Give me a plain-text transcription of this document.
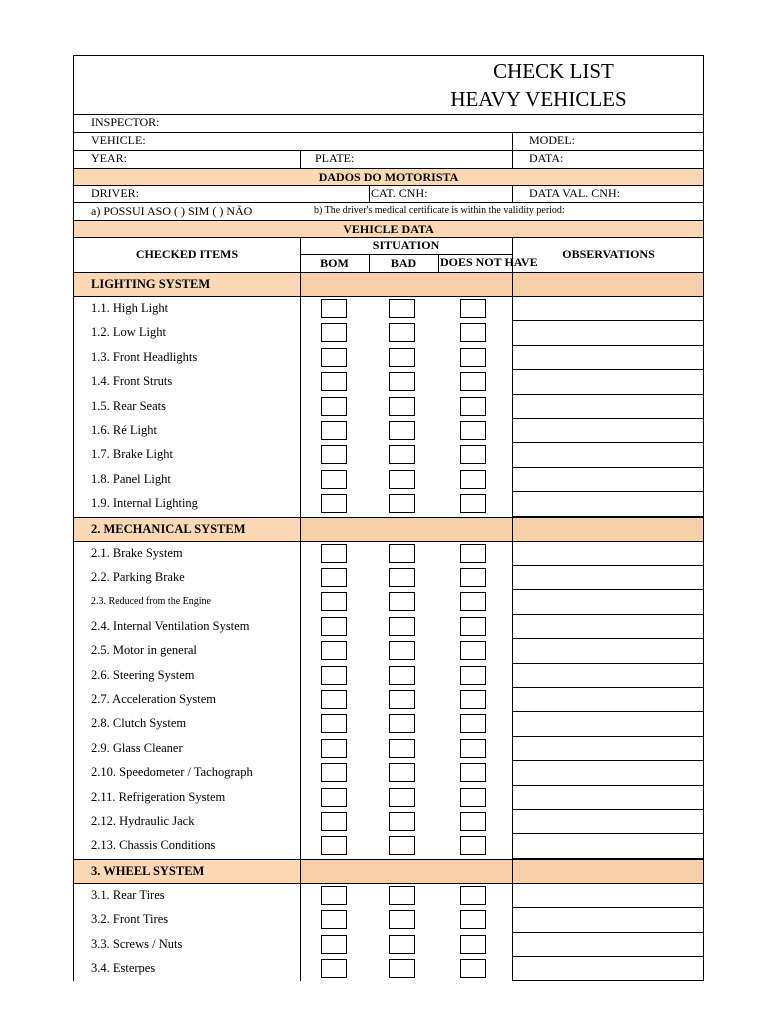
CHECK LIST
HEAVY VEHICLES
INSPECTOR:
VEHICLE:	MODEL:
YEAR:	PLATE:	DATA:
DADOS DO MOTORISTA
DRIVER:	CAT. CNH:	DATA VAL. CNH:
a) POSSUI ASO ( ) SIM ( ) NÃO	b) The driver's medical certificate is within the validity period:
VEHICLE DATA
CHECKED ITEMS
SITUATION
BOM	BAD	DOES NOT HAVE
OBSERVATIONS
LIGHTING SYSTEM
1.1. High Light
1.2. Low Light
1.3. Front Headlights
1.4. Front Struts
1.5. Rear Seats
1.6. Ré Light
1.7. Brake Light
1.8. Panel Light
1.9. Internal Lighting
2. MECHANICAL SYSTEM
2.1. Brake System
2.2. Parking Brake
2.3. Reduced from the Engine
2.4. Internal Ventilation System
2.5. Motor in general
2.6. Steering System
2.7. Acceleration System
2.8. Clutch System
2.9. Glass Cleaner
2.10. Speedometer / Tachograph
2.11. Refrigeration System
2.12. Hydraulic Jack
2.13. Chassis Conditions
3. WHEEL SYSTEM
3.1. Rear Tires
3.2. Front Tires
3.3. Screws / Nuts
3.4. Esterpes
